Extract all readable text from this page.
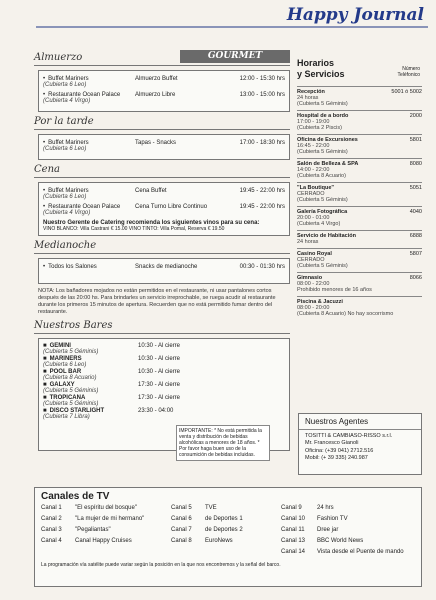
Happy Journal
Almuerzo	GOURMET
• Buffet Mariners
(Cubierta 6 Leo)
Almuerzo Buffet	12:00 - 15:30 hrs
• Restaurante Ocean Palace
(Cubierta 4 Virgo)
Almuerzo Libre	13:00 - 15:00 hrs
Por la tarde
• Buffet Mariners
(Cubierta 6 Leo)
Tapas - Snacks	17:00 - 18:30 hrs
Cena
• Buffet Mariners
(Cubierta 6 Leo)
Cena Buffet	19:45 - 22:00 hrs
• Restaurante Ocean Palace
(Cubierta 4 Virgo)
Cena Turno Libre Continuo	19:45 - 22:00 hrs
Nuestro Gerente de Catering recomienda los siguientes vinos para su cena:
VINO BLANCO: Villa Castrani € 15.00 VINO TINTO: Villa Pomal, Reserva € 19.50
Medianoche
• Todos los Salones	Snacks de medianoche	00:30 - 01:30 hrs
NOTA: Los bañadores mojados no están permitidos en el restaurante, ni usar pantalones cortos después de las 20:00 hs. Para brindarles un servicio irreprochable, se ruega acudir al restaurante durante los primeros 15 minutos de apertura. Recuerden que no está permitido fumar dentro del restaurante.
Nuestros Bares
■ GEMINI
(Cubierta 5 Géminis)
10:30 - Al cierre
■ MARINERS
(Cubierta 6 Leo)
10:30 - Al cierre
■ POOL BAR
(Cubierta 8 Acuario)
10:30 - Al cierre
■ GALAXY
(Cubierta 5 Géminis)
17:30 - Al cierre
■ TROPICANA
(Cubierta 5 Géminis)
17:30 - Al cierre
■ DISCO STARLIGHT
(Cubierta 7 Libra)
23:30 - 04:00
IMPORTANTE: * No está permitida la venta y distribución de bebidas alcohólicas a menores de 18 años. * Por favor haga buen uso de la consumición de bebidas incluidas.
Horarios
y Servicios	Número Teléfonico
Recepción
24 horas
(Cubierta 5 Géminis)
5001 ó 5002
Hospital de a bordo
17:00 - 19:00
(Cubierta 2 Piscis)
2000
Oficina de Excursiones
16:45 - 22:00
(Cubierta 5 Géminis)
5801
Salón de Belleza & SPA
14:00 - 22:00
(Cubierta 8 Acuario)
8080
"La Boutique"
CERRADO
(Cubierta 5 Géminis)
5051
Galería Fotográfica
20:00 - 01:00
(Cubierta 4 Virgo)
4040
Servicio de Habitación
24 horas
6888
Casino Royal
CERRADO
(Cubierta 5 Géminis)
5807
Gimnasio
08:00 - 22:00
Prohibido menores de 16 años
8066
Piscina & Jacuzzi
08:00 - 20:00
(Cubierta 8 Acuario) No hay socorrismo
Nuestros Agentes
TOSITTI & CAMBIASO-RISSO s.r.l.
Mr. Francesco Gianoli
Oficina: (+39 041) 2712.516
Mobil: (+ 39 335) 240.987
Canales de TV
Canal 1	"El espíritu del bosque"
Canal 2	"La mujer de mi hermano"
Canal 3	"Pegaliantas"
Canal 4	Canal Happy Cruises
Canal 5	TVE
Canal 6	de Deportes 1
Canal 7	de Deportes 2
Canal 8	EuroNews
Canal 9	24 hrs
Canal 10	Fashion TV
Canal 11	Dree jar
Canal 13	BBC World News
Canal 14	Vista desde el Puente de mando
La programación vía satélite puede variar según la posición en la que nos encontremos y la señal del barco.
